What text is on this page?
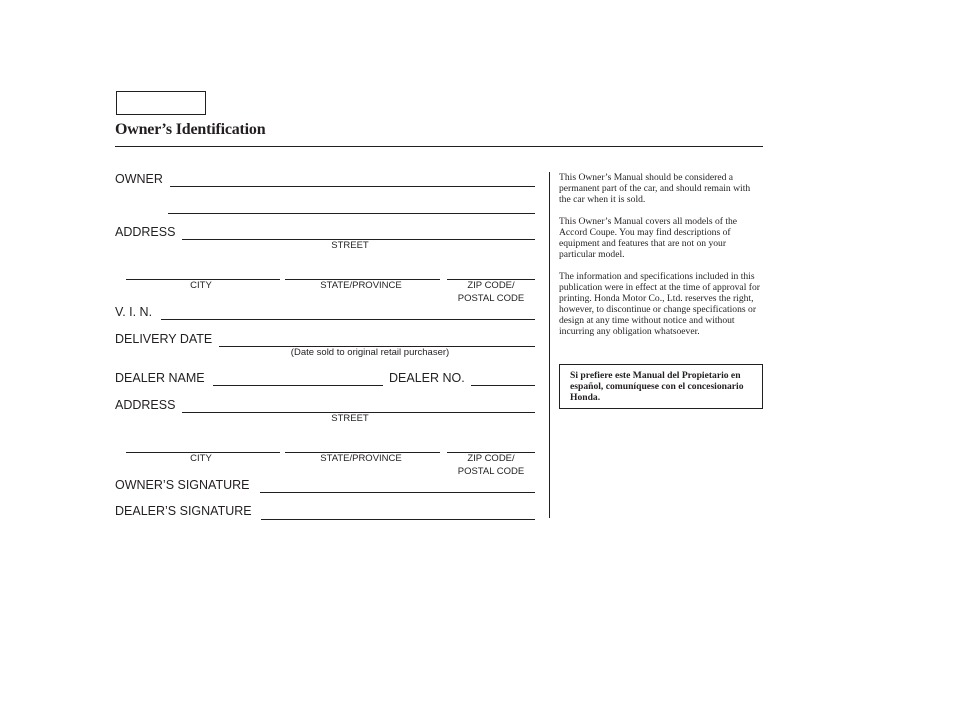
Owner’s Identification
OWNER
ADDRESS
STREET
CITY	STATE/PROVINCE	ZIP CODE/
POSTAL CODE
V. I. N.
DELIVERY DATE
(Date sold to original retail purchaser)
DEALER NAME	DEALER NO.
ADDRESS
STREET
CITY	STATE/PROVINCE	ZIP CODE/
POSTAL CODE
OWNER’S SIGNATURE
DEALER’S SIGNATURE
This Owner’s Manual should be considered a permanent part of the car, and should remain with the car when it is sold.
This Owner’s Manual covers all models of the Accord Coupe. You may find descriptions of equipment and features that are not on your particular model.
The information and specifications included in this publication were in effect at the time of approval for printing. Honda Motor Co., Ltd. reserves the right, however, to discontinue or change specifications or design at any time without notice and without incurring any obligation whatsoever.
Si prefiere este Manual del Propietario en español, comuníquese con el concesionario Honda.
